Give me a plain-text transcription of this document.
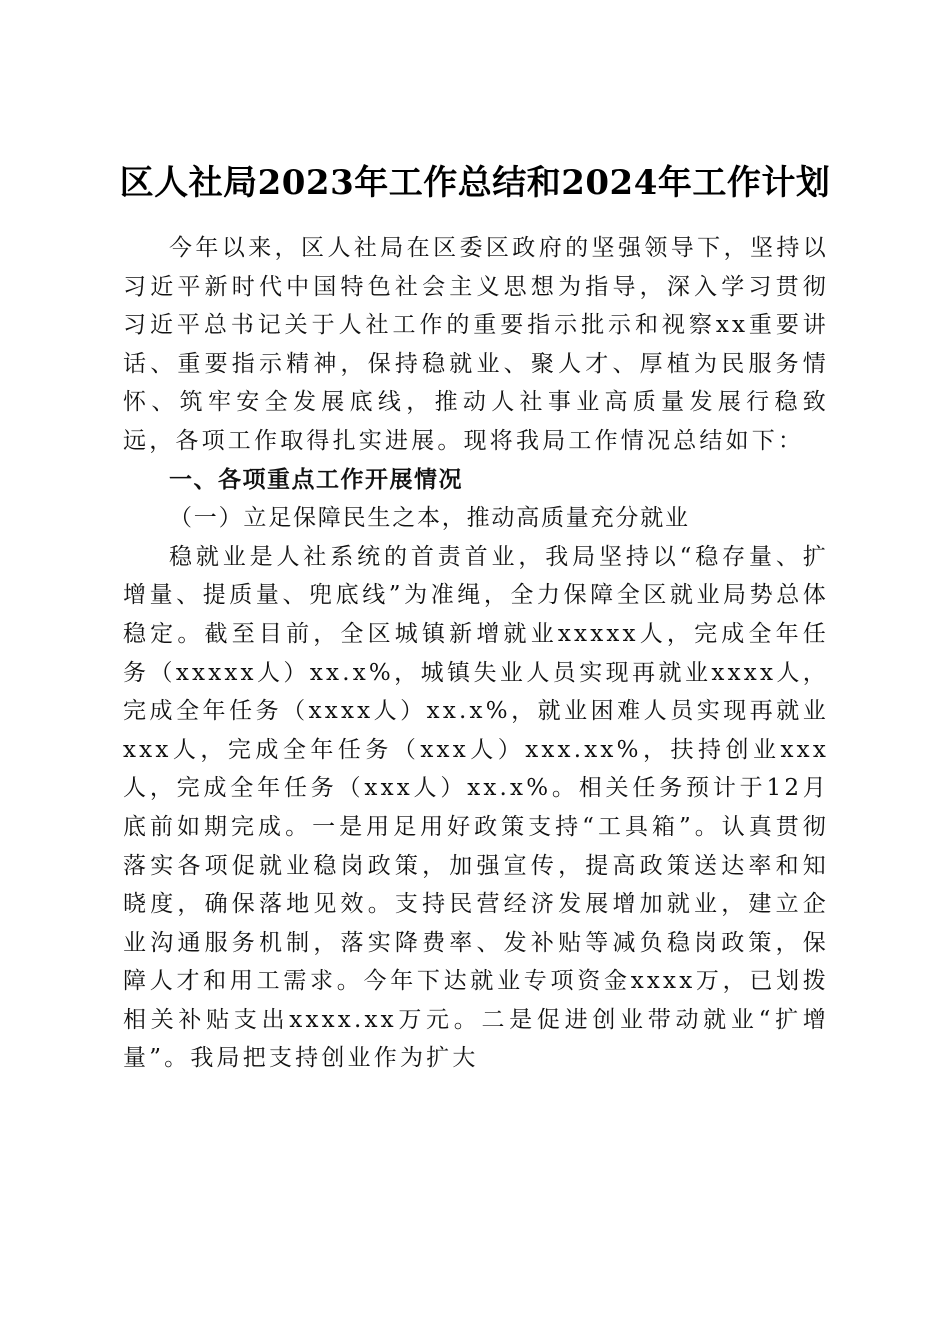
区人社局2023年工作总结和2024年工作计划

今年以来，区人社局在区委区政府的坚强领导下，坚持以习近平新时代中国特色社会主义思想为指导，深入学习贯彻习近平总书记关于人社工作的重要指示批示和视察xx重要讲话、重要指示精神，保持稳就业、聚人才、厚植为民服务情怀、筑牢安全发展底线，推动人社事业高质量发展行稳致远，各项工作取得扎实进展。现将我局工作情况总结如下：

一、各项重点工作开展情况

（一）立足保障民生之本，推动高质量充分就业

稳就业是人社系统的首责首业，我局坚持以“稳存量、扩增量、提质量、兜底线”为准绳，全力保障全区就业局势总体稳定。截至目前，全区城镇新增就业xxxxx人，完成全年任务（xxxxx人）xx.x%，城镇失业人员实现再就业xxxx人，完成全年任务（xxxx人）xx.x%，就业困难人员实现再就业xxx人，完成全年任务（xxx人）xxx.xx%，扶持创业xxx人，完成全年任务（xxx人）xx.x%。相关任务预计于12月底前如期完成。一是用足用好政策支持“工具箱”。认真贯彻落实各项促就业稳岗政策，加强宣传，提高政策送达率和知晓度，确保落地见效。支持民营经济发展增加就业，建立企业沟通服务机制，落实降费率、发补贴等减负稳岗政策，保障人才和用工需求。今年下达就业专项资金xxxx万，已划拨相关补贴支出xxxx.xx万元。二是促进创业带动就业“扩增量”。我局把支持创业作为扩大
